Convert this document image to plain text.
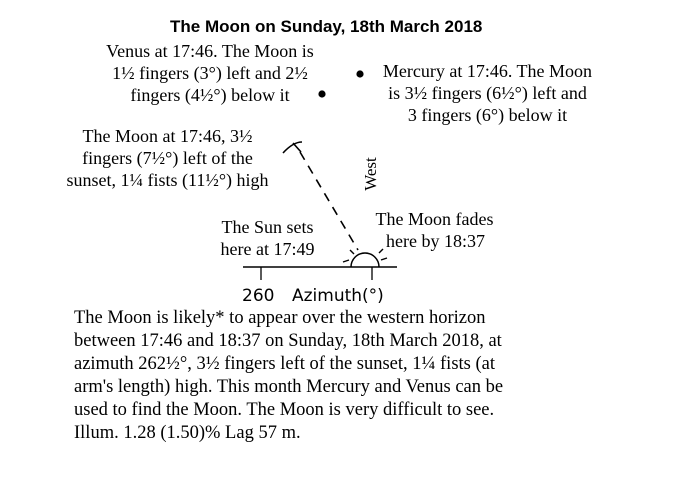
The Moon on Sunday, 18th March 2018
Venus at 17:46. The Moon is
1½ fingers (3°) left and 2½
fingers (4½°) below it
Mercury at 17:46. The Moon
is 3½ fingers (6½°) left and
3 fingers (6°) below it
The Moon at 17:46, 3½
fingers (7½°) left of the
sunset, 1¼ fists (11½°) high
The Sun sets
here at 17:49
The Moon fades
here by 18:37
West
260 Azimuth(°)
The Moon is likely* to appear over the western horizon
between 17:46 and 18:37 on Sunday, 18th March 2018, at
azimuth 262½°, 3½ fingers left of the sunset, 1¼ fists (at
arm's length) high. This month Mercury and Venus can be
used to find the Moon. The Moon is very difficult to see.
Illum. 1.28 (1.50)% Lag 57 m.
